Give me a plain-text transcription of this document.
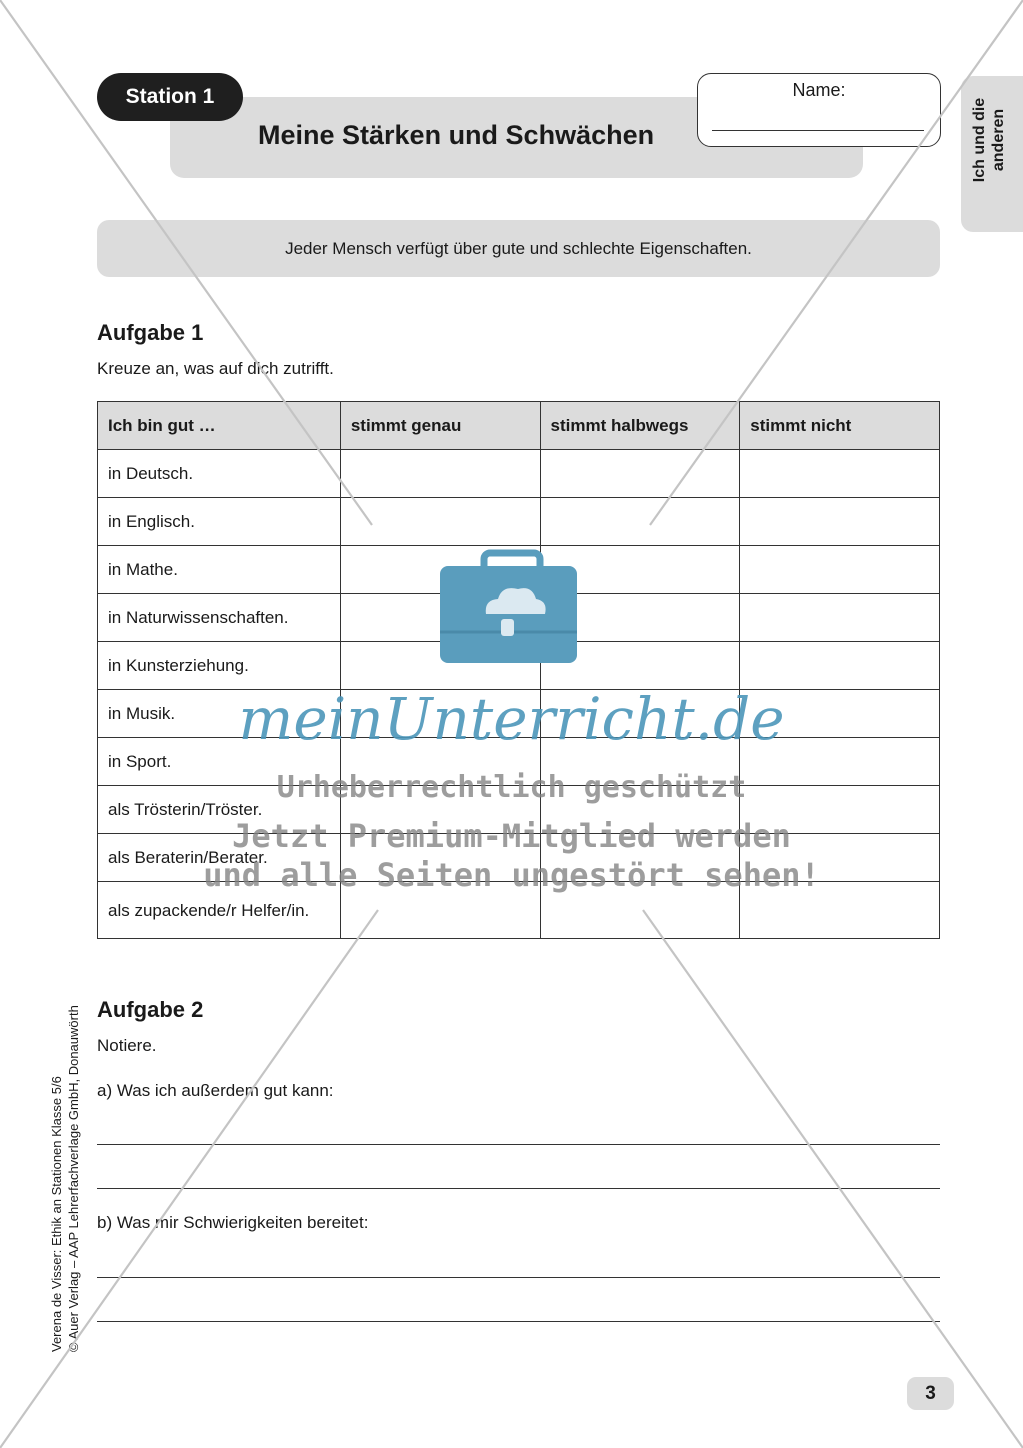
Station 1
Meine Stärken und Schwächen
Name:
Ich und die anderen
Jeder Mensch verfügt über gute und schlechte Eigenschaften.
Aufgabe 1
Kreuze an, was auf dich zutrifft.
Ich bin gut …	stimmt genau	stimmt halbwegs	stimmt nicht
in Deutsch.			
in Englisch.			
in Mathe.			
in Naturwissenschaften.			
in Kunsterziehung.			
in Musik.			
in Sport.			
als Trösterin/Tröster.			
als Beraterin/Berater.			
als zupackende/r Helfer/in.			
Aufgabe 2
Notiere.
a) Was ich außerdem gut kann:
b) Was mir Schwierigkeiten bereitet:
Verena de Visser: Ethik an Stationen Klasse 5/6 © Auer Verlag – AAP Lehrerfachverlage GmbH, Donauwörth
3
meinUnterricht.de
Urheberrechtlich geschützt
Jetzt Premium-Mitglied werden
und alle Seiten ungestört sehen!
